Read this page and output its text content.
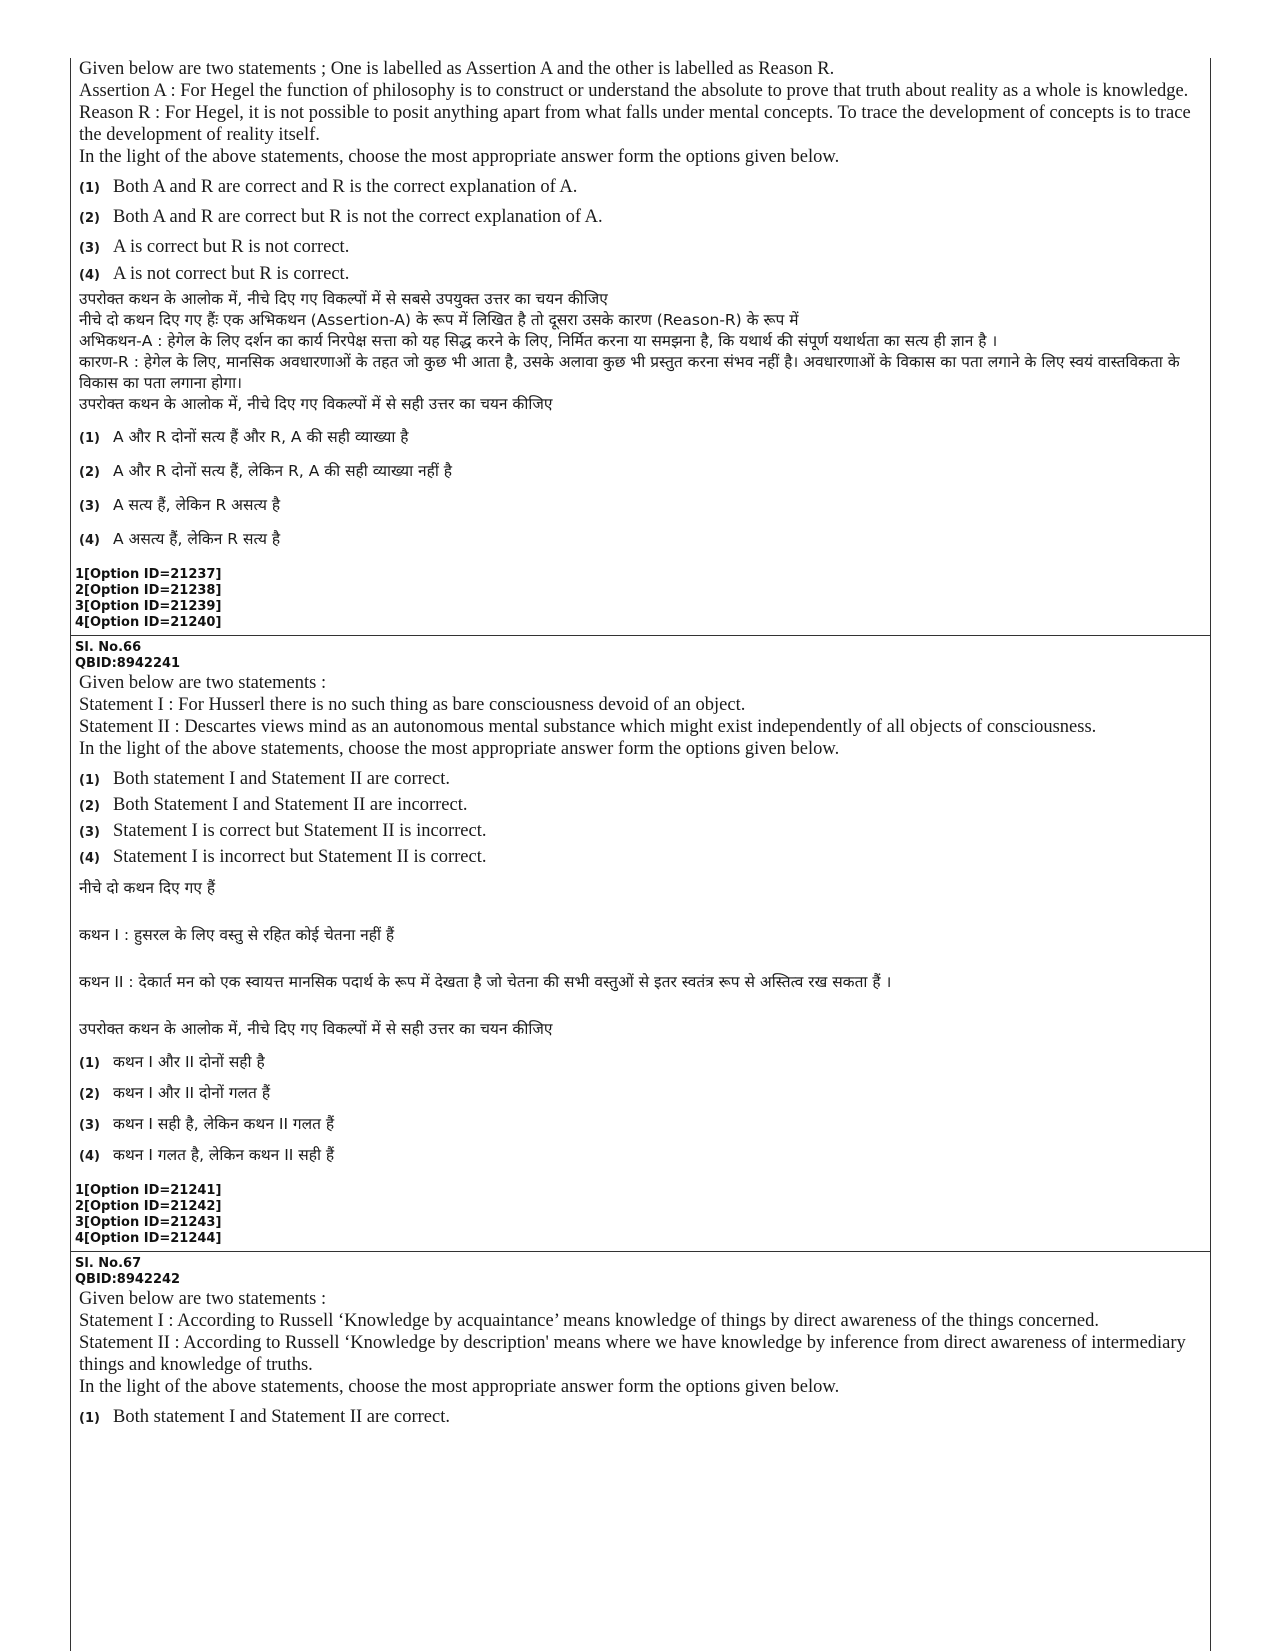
Given below are two statements ; One is labelled as Assertion A and the other is labelled as Reason R.
Assertion A : For Hegel the function of philosophy is to construct or understand the absolute to prove that truth about reality as a whole is knowledge.
Reason R : For Hegel, it is not possible to posit anything apart from what falls under mental concepts. To trace the development of concepts is to trace the development of reality itself.
In the light of the above statements, choose the most appropriate answer form the options given below.
(1) Both A and R are correct and R is the correct explanation of A.
(2) Both A and R are correct but R is not the correct explanation of A.
(3) A is correct but R is not correct.
(4) A is not correct but R is correct.
उपरोक्त कथन के आलोक में, नीचे दिए गए विकल्पों में से सबसे उपयुक्त उत्तर का चयन कीजिए
नीचे दो कथन दिए गए हैंः एक अभिकथन (Assertion-A) के रूप में लिखित है तो दूसरा उसके कारण (Reason-R) के रूप में
अभिकथन-A : हेगेल के लिए दर्शन का कार्य निरपेक्ष सत्ता को यह सिद्ध करने के लिए, निर्मित करना या समझना है, कि यथार्थ की संपूर्ण यथार्थता का सत्य ही ज्ञान है ।
कारण-R : हेगेल के लिए, मानसिक अवधारणाओं के तहत जो कुछ भी आता है, उसके अलावा कुछ भी प्रस्तुत करना संभव नहीं है। अवधारणाओं के विकास का पता लगाने के लिए स्वयं वास्तविकता के विकास का पता लगाना होगा।
उपरोक्त कथन के आलोक में, नीचे दिए गए विकल्पों में से सही उत्तर का चयन कीजिए
(1) A और R दोनों सत्य हैं और R, A की सही व्याख्या है
(2) A और R दोनों सत्य हैं, लेकिन R, A की सही व्याख्या नहीं है
(3) A सत्य हैं, लेकिन R असत्य है
(4) A असत्य हैं, लेकिन R सत्य है
1[Option ID=21237]
2[Option ID=21238]
3[Option ID=21239]
4[Option ID=21240]
Sl. No.66
QBID:8942241
Given below are two statements :
Statement I : For Husserl there is no such thing as bare consciousness devoid of an object.
Statement II : Descartes views mind as an autonomous mental substance which might exist independently of all objects of consciousness.
In the light of the above statements, choose the most appropriate answer form the options given below.
(1) Both statement I and Statement II are correct.
(2) Both Statement I and Statement II are incorrect.
(3) Statement I is correct but Statement II is incorrect.
(4) Statement I is incorrect but Statement II is correct.
नीचे दो कथन दिए गए हैं
कथन I : हुसरल के लिए वस्तु से रहित कोई चेतना नहीं हैं
कथन II : देकार्त मन को एक स्वायत्त मानसिक पदार्थ के रूप में देखता है जो चेतना की सभी वस्तुओं से इतर स्वतंत्र रूप से अस्तित्व रख सकता हैं ।
उपरोक्त कथन के आलोक में, नीचे दिए गए विकल्पों में से सही उत्तर का चयन कीजिए
(1) कथन I और II दोनों सही है
(2) कथन I और II दोनों गलत हैं
(3) कथन I सही है, लेकिन कथन II गलत हैं
(4) कथन I गलत है, लेकिन कथन II सही हैं
1[Option ID=21241]
2[Option ID=21242]
3[Option ID=21243]
4[Option ID=21244]
Sl. No.67
QBID:8942242
Given below are two statements :
Statement I : According to Russell ‘Knowledge by acquaintance’ means knowledge of things by direct awareness of the things concerned.
Statement II : According to Russell ‘Knowledge by description' means where we have knowledge by inference from direct awareness of intermediary things and knowledge of truths.
In the light of the above statements, choose the most appropriate answer form the options given below.
(1) Both statement I and Statement II are correct.
